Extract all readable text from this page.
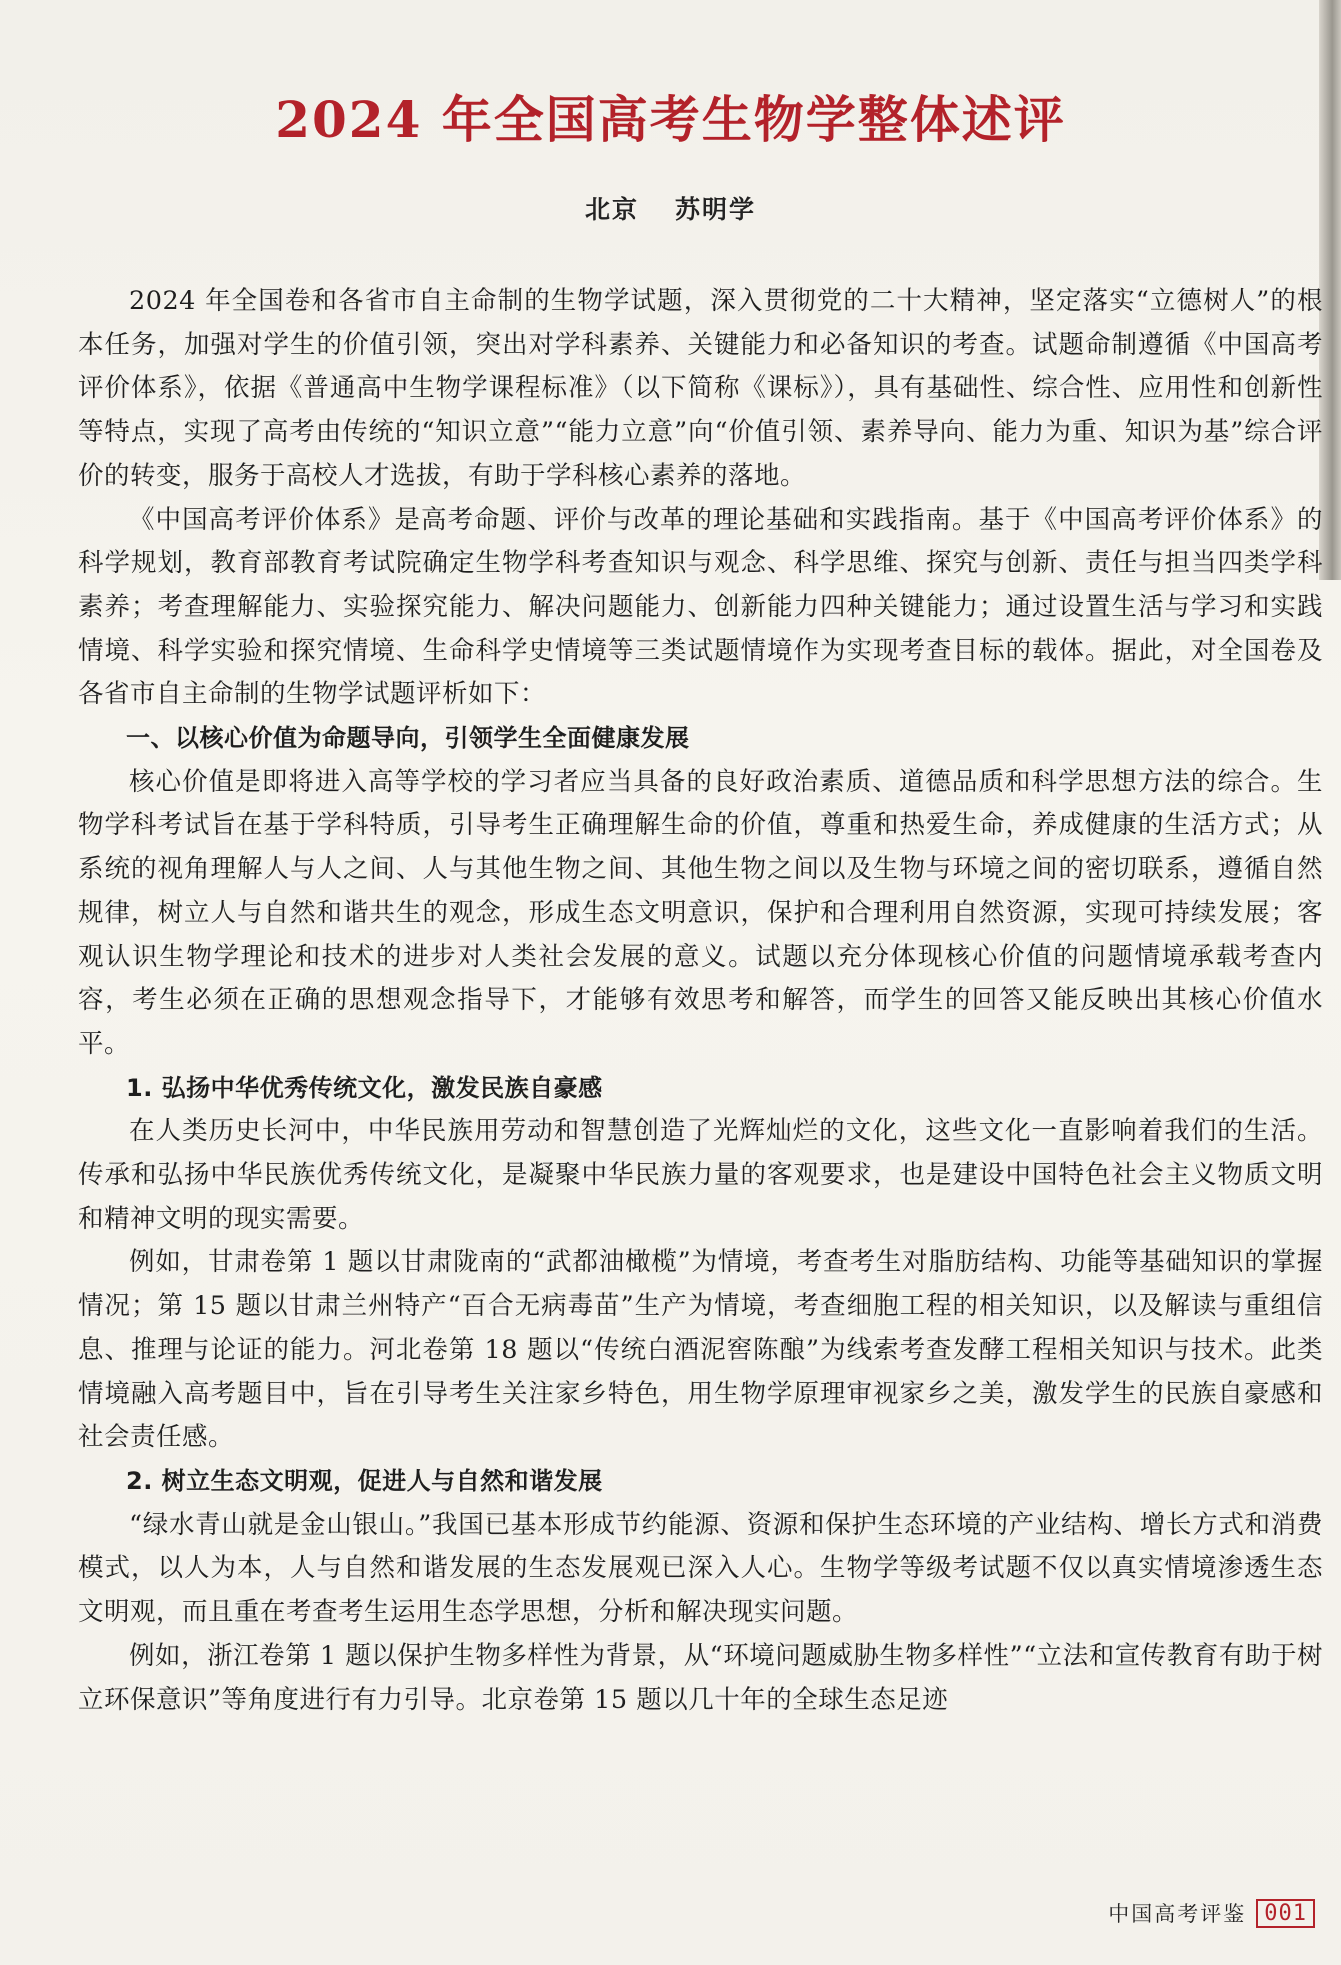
2024 年全国高考生物学整体述评
北京 苏明学

2024 年全国卷和各省市自主命制的生物学试题，深入贯彻党的二十大精神，坚定落实“立德树人”的根本任务，加强对学生的价值引领，突出对学科素养、关键能力和必备知识的考查。试题命制遵循《中国高考评价体系》，依据《普通高中生物学课程标准》（以下简称《课标》），具有基础性、综合性、应用性和创新性等特点，实现了高考由传统的“知识立意”“能力立意”向“价值引领、素养导向、能力为重、知识为基”综合评价的转变，服务于高校人才选拔，有助于学科核心素养的落地。

《中国高考评价体系》是高考命题、评价与改革的理论基础和实践指南。基于《中国高考评价体系》的科学规划，教育部教育考试院确定生物学科考查知识与观念、科学思维、探究与创新、责任与担当四类学科素养；考查理解能力、实验探究能力、解决问题能力、创新能力四种关键能力；通过设置生活与学习和实践情境、科学实验和探究情境、生命科学史情境等三类试题情境作为实现考查目标的载体。据此，对全国卷及各省市自主命制的生物学试题评析如下：

一、以核心价值为命题导向，引领学生全面健康发展

核心价值是即将进入高等学校的学习者应当具备的良好政治素质、道德品质和科学思想方法的综合。生物学科考试旨在基于学科特质，引导考生正确理解生命的价值，尊重和热爱生命，养成健康的生活方式；从系统的视角理解人与人之间、人与其他生物之间、其他生物之间以及生物与环境之间的密切联系，遵循自然规律，树立人与自然和谐共生的观念，形成生态文明意识，保护和合理利用自然资源，实现可持续发展；客观认识生物学理论和技术的进步对人类社会发展的意义。试题以充分体现核心价值的问题情境承载考查内容，考生必须在正确的思想观念指导下，才能够有效思考和解答，而学生的回答又能反映出其核心价值水平。

1. 弘扬中华优秀传统文化，激发民族自豪感

在人类历史长河中，中华民族用劳动和智慧创造了光辉灿烂的文化，这些文化一直影响着我们的生活。传承和弘扬中华民族优秀传统文化，是凝聚中华民族力量的客观要求，也是建设中国特色社会主义物质文明和精神文明的现实需要。

例如，甘肃卷第 1 题以甘肃陇南的“武都油橄榄”为情境，考查考生对脂肪结构、功能等基础知识的掌握情况；第 15 题以甘肃兰州特产“百合无病毒苗”生产为情境，考查细胞工程的相关知识，以及解读与重组信息、推理与论证的能力。河北卷第 18 题以“传统白酒泥窖陈酿”为线索考查发酵工程相关知识与技术。此类情境融入高考题目中，旨在引导考生关注家乡特色，用生物学原理审视家乡之美，激发学生的民族自豪感和社会责任感。

2. 树立生态文明观，促进人与自然和谐发展

“绿水青山就是金山银山。”我国已基本形成节约能源、资源和保护生态环境的产业结构、增长方式和消费模式，以人为本，人与自然和谐发展的生态发展观已深入人心。生物学等级考试题不仅以真实情境渗透生态文明观，而且重在考查考生运用生态学思想，分析和解决现实问题。

例如，浙江卷第 1 题以保护生物多样性为背景，从“环境问题威胁生物多样性”“立法和宣传教育有助于树立环保意识”等角度进行有力引导。北京卷第 15 题以几十年的全球生态足迹

中国高考评鉴 001
